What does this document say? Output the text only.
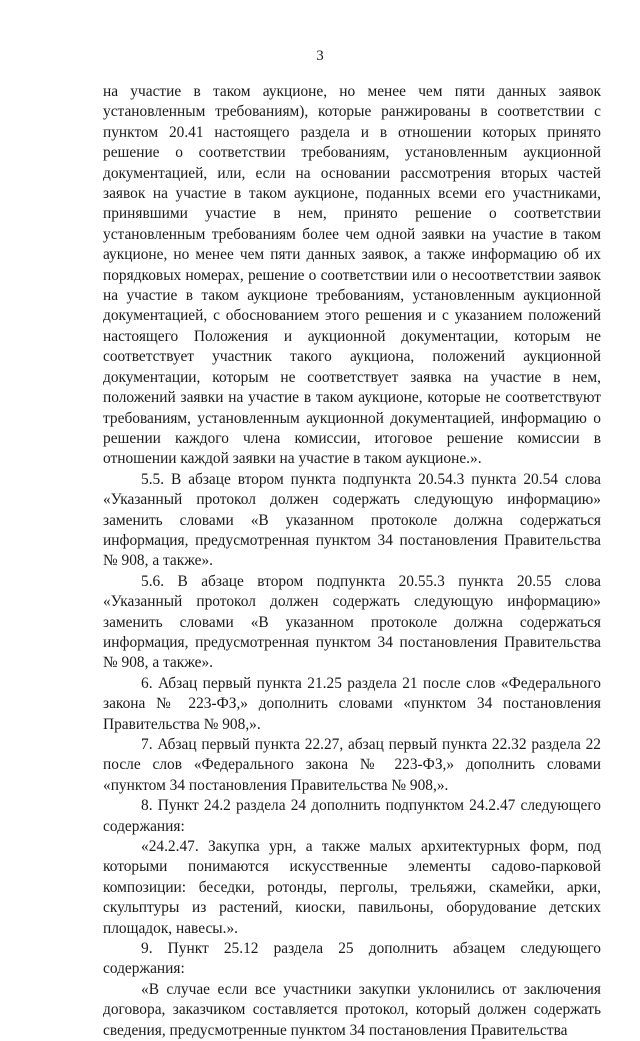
3

на участие в таком аукционе, но менее чем пяти данных заявок установленным требованиям), которые ранжированы в соответствии с пунктом 20.41 настоящего раздела и в отношении которых принято решение о соответствии требованиям, установленным аукционной документацией, или, если на основании рассмотрения вторых частей заявок на участие в таком аукционе, поданных всеми его участниками, принявшими участие в нем, принято решение о соответствии установленным требованиям более чем одной заявки на участие в таком аукционе, но менее чем пяти данных заявок, а также информацию об их порядковых номерах, решение о соответствии или о несоответствии заявок на участие в таком аукционе требованиям, установленным аукционной документацией, с обоснованием этого решения и с указанием положений настоящего Положения и аукционной документации, которым не соответствует участник такого аукциона, положений аукционной документации, которым не соответствует заявка на участие в нем, положений заявки на участие в таком аукционе, которые не соответствуют требованиям, установленным аукционной документацией, информацию о решении каждого члена комиссии, итоговое решение комиссии в отношении каждой заявки на участие в таком аукционе.».

5.5. В абзаце втором пункта подпункта 20.54.3 пункта 20.54 слова «Указанный протокол должен содержать следующую информацию» заменить словами «В указанном протоколе должна содержаться информация, предусмотренная пунктом 34 постановления Правительства № 908, а также».

5.6. В абзаце втором подпункта 20.55.3 пункта 20.55 слова «Указанный протокол должен содержать следующую информацию» заменить словами «В указанном протоколе должна содержаться информация, предусмотренная пунктом 34 постановления Правительства № 908, а также».

6. Абзац первый пункта 21.25 раздела 21 после слов «Федерального закона № 223-ФЗ,» дополнить словами «пунктом 34 постановления Правительства № 908,».

7. Абзац первый пункта 22.27, абзац первый пункта 22.32 раздела 22 после слов «Федерального закона № 223-ФЗ,» дополнить словами «пунктом 34 постановления Правительства № 908,».

8. Пункт 24.2 раздела 24 дополнить подпунктом 24.2.47 следующего содержания:

«24.2.47. Закупка урн, а также малых архитектурных форм, под которыми понимаются искусственные элементы садово-парковой композиции: беседки, ротонды, перголы, трельяжи, скамейки, арки, скульптуры из растений, киоски, павильоны, оборудование детских площадок, навесы.».

9. Пункт 25.12 раздела 25 дополнить абзацем следующего содержания:

«В случае если все участники закупки уклонились от заключения договора, заказчиком составляется протокол, который должен содержать сведения, предусмотренные пунктом 34 постановления Правительства
